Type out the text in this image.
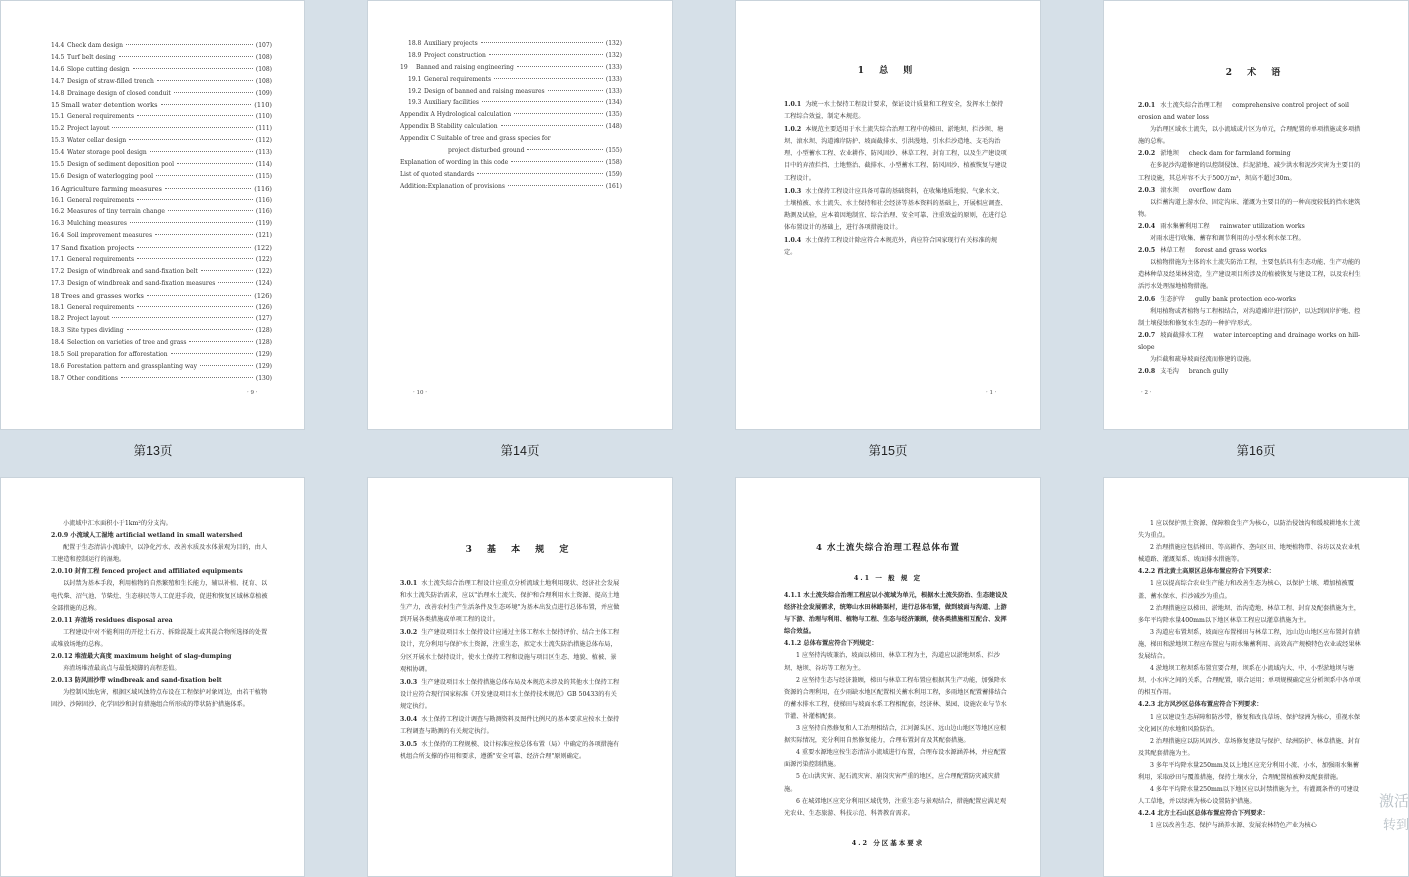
14.4 Check dam design	(107)
14.5 Turf belt desing	(108)
14.6 Slope cutting design	(108)
14.7 Design of straw-filled trench	(108)
14.8 Drainage design of closed conduit	(109)
15 Small water detention works	(110)
15.1 General requirements	(110)
15.2 Project layout	(111)
15.3 Water cellar design	(112)
15.4 Water storage pool design	(113)
15.5 Design of sediment deposition pool	(114)
15.6 Design of waterlogging pool	(115)
16 Agriculture farming measures	(116)
16.1 General requirements	(116)
16.2 Measures of tiny terrain change	(116)
16.3 Mulching measures	(119)
16.4 Soil improvement measures	(121)
17 Sand fixation projects	(122)
17.1 General requirements	(122)
17.2 Design of windbreak and sand-fixation belt	(122)
17.3 Design of windbreak and sand-fixation measures	(124)
18 Trees and grasses works	(126)
18.1 General requirements	(126)
18.2 Project layout	(127)
18.3 Site types dividing	(128)
18.4 Selection on varieties of tree and grass	(128)
18.5 Soil preparation for afforestation	(129)
18.6 Forestation pattern and grassplanting way	(129)
18.7 Other conditions	(130)
· 9 ·
第13页
18.8 Auxiliary projects	(132)
18.9 Project construction	(132)
19	Banned and raising engineering	(133)
19.1 General requirements	(133)
19.2 Design of banned and raising measures	(133)
19.3 Auxiliary facilities	(134)
Appendix A Hydrological calculation	(135)
Appendix B Stability calculation	(148)
Appendix C Suitable of tree and grass species for
project disturbed ground	(155)
Explanation of wording in this code	(158)
List of quoted standards	(159)
Addition:Explanation of provisions	(161)
· 10 ·
第14页
1 总 则

1.0.1 为统一水土保持工程设计要求，保证设计质量和工程安全，发挥水土保持工程综合效益，制定本规范。

1.0.2 本规范主要适用于水土流失综合治理工程中的梯田、淤地坝、拦沙坝、塘坝、滚水坝、沟道滩岸防护、坡面截排水、引洪漫地、引水拦沙造地、支毛沟治理、小型蓄水工程、农业耕作、防风固沙、林草工程、封育工程，以及生产建设项目中的弃渣拦挡、土地整治、截排水、小型蓄水工程、防风固沙、植被恢复与建设工程设计。

1.0.3 水土保持工程设计应具备可靠的基础资料，在收集地质地貌、气象水文、土壤植被、水土流失、水土保持和社会经济等基本资料的基础上，开展相应调查、勘测及试验，应本着因地制宜、综合治理、安全可靠、注重效益的原则，在进行总体布置设计的基础上，进行各项措施设计。

1.0.4 水土保持工程设计除应符合本规范外，尚应符合国家现行有关标准的规定。

· 1 ·
第15页
2 术 语
2.0.1 水土流失综合治理工程 comprehensive control project of soil erosion and water loss
为治理区域水土流失，以小流域或片区为单元，合理配置的单项措施或多项措施的总称。
2.0.2 淤地坝 check dam for farmland forming
在多泥沙沟道修建的以控制侵蚀、拦泥淤地、减少洪水和泥沙灾害为主要目的工程设施，其总库容不大于500万m³，坝高不超过30m。
2.0.3 滚水坝 overflow dam
以拦蓄沟道上游水位、固定沟床、灌溉为主要目的的一种高度较低的挡水建筑物。
2.0.4 雨水集蓄利用工程 rainwater utilization works
对雨水进行收集、蓄存和调节利用的小型水利水保工程。
2.0.5 林草工程 forest and grass works
以植物措施为主体的水土流失防治工程，主要包括具有生态功能、生产功能的造林种草及经果林营造，生产建设项目所涉及的植被恢复与建设工程，以及农村生活污水处理湿地植物措施。
2.0.6 生态护岸 gully bank protection eco-works
利用植物或者植物与工程相结合，对沟道滩岸进行防护，以达到固岸护地、控制土壤侵蚀和修复水生态的一种护岸形式。
2.0.7 坡面截排水工程 water intercepting and drainage works on hill-slope
为拦截和疏导坡面径流而修建的设施。
2.0.8 支毛沟 branch gully
· 2 ·
第16页
小流域中汇水面积小于1km²的分支沟。
2.0.9 小流域人工湿地 artificial wetland in small watershed
配置于生态清洁小流域中，以净化污水、改善水质及水体景观为目的，由人工建造和控制运行的湿地。
2.0.10 封育工程 fenced project and affiliated equipments
以封禁为基本手段，利用植物的自然繁殖和生长能力，辅以补植、抚育、以电代柴、沼气池、节柴灶、生态移民等人工促进手段，促进和恢复区域林草植被全部措施的总称。
2.0.11 弃渣场 residues disposal area
工程建设中对不能利用的开挖土石方、拆除混凝土或其混合物所选择的处置或堆放场地的总称。
2.0.12 堆渣最大高度 maximum height of slag-dumping
弃渣场堆渣最高点与最低坡脚的高程差值。
2.0.13 防风固沙带 windbreak and sand-fixation belt
为控制风蚀危害，根据区域风蚀特点布设在工程保护对象周边，由若干植物固沙、沙障固沙、化学固沙和封育措施组合所形成的带状防护措施体系。
3 基 本 规 定

3.0.1 水土流失综合治理工程设计应重点分析流域土地利用现状、经济社会发展和水土流失防治需求，应以"治理水土流失、保护和合理利用水土资源、提高土地生产力，改善农村生产生活条件及生态环境"为基本出发点进行总体布置，并应做到开展各类措施或单项工程的设计。

3.0.2 生产建设项目水土保持设计应通过主体工程水土保持评价、结合主体工程设计，充分利用与保护水土资源，注重生态，拟定水土流失防治措施总体布局，分区开展水土保持设计，使水土保持工程和设施与项目区生态、地貌、植被、景观相协调。

3.0.3 生产建设项目水土保持措施总体布局及本规范未涉及的其他水土保持工程设计应符合现行国家标准《开发建设项目水土保持技术规范》GB 50433的有关规定执行。

3.0.4 水土保持工程设计调查与勘测资料及图件比例尺的基本要求应按水土保持工程调查与勘测的有关规定执行。

3.0.5 水土保持的工程规模、设计标准应按总体布置（局）中确定的各项措施有机组合所支撑的作用和要求，遵循"安全可靠、经济合理"原则确定。

4 水土流失综合治理工程总体布置
4.1 一 般 规 定
4.1.1 水土流失综合治理工程应以小流域为单元，根据水土流失防治、生态建设及经济社会发展需求，统筹山水田林路渠村，进行总体布置，做到坡面与沟道、上游与下游、治理与利用、植物与工程、生态与经济兼顾，使各类措施相互配合、发挥综合效益。
4.1.2 总体布置应符合下列规定：
1 应坚持沟坡兼治，坡面以梯田、林草工程为主，沟道应以淤地坝系、拦沙坝、塘坝、谷坊等工程为主。
2 应坚持生态与经济兼顾，梯田与林草工程布置应根据其生产功能，加强降水资源的合理利用，在少雨缺水地区配置相关蓄水利用工程，多雨地区配置蓄排结合的蓄水排水工程，使梯田与坡面水系工程相配套，经济林、果园、设施农业与节水节灌、补灌相配套。
3 应坚持自然修复和人工治理相结合，江河源头区、远山边山地区等地区应根据实际情况，充分利用自然修复能力，合理布置封育及其配套措施。
4 重要水源地应按生态清洁小流域进行布置，合理布设水源涵养林，并应配置面源污染控制措施。
5 在山洪灾害、泥石流灾害、崩岗灾害严重的地区，应合理配置防灾减灾措施。
6 在城郊地区应充分利用区域优势，注重生态与景观结合，措施配置应满足观光农业、生态旅游、科技示范、科普教育需求。
4.2 分区基本要求
1 应以保护黑土资源、保障粮食生产为核心，以防治侵蚀沟和缓坡耕地水土流失为重点。
2 治理措施应包括梯田、等高耕作、垄向区田、地埂植物带、谷坊以及农业机械道路、灌溉渠系、坡面排水措施等。
4.2.2 西北黄土高原区总体布置应符合下列要求：
1 应以提高综合农业生产能力和改善生态为核心，以保护土壤、增加植被覆盖、蓄水保水、拦沙减沙为重点。
2 治理措施应以梯田、淤地坝、治沟造地、林草工程、封育及配套措施为主，多年平均降水量400mm以下地区林草工程应以灌草措施为主。
3 沟道应布置坝系，坡面应布置梯田与林草工程，远山边山地区应布置封育措施，梯田和淤地坝工程应布置应与雨水集蓄利用、高效高产规模特色农业或经果林发展结合。
4 淤地坝工程坝系布置宜要合理，坝系在小流域内大、中、小型淤地坝与塘坝、小水库之间的关系，合理配置，联合运用；单项规模确定应分析坝系中各单项的相互作用。
4.2.3 北方风沙区总体布置应符合下列要求：
1 应以建设生态屏障和防沙带，修复和改良草场、保护绿洲为核心，重视水保文化园区的水地和风险防治。
2 治理措施应以防风固沙、草场修复建设与保护、绿洲防护、林草措施、封育及其配套措施为主。
3 多年平均降水量250mm及以上地区应充分利用小流、小水，加强雨水集蓄利用，采取砂田与覆盖措施，保持土壤水分，合理配置植被种及配套措施。
4 多年平均降水量250mm以下地区应以封禁措施为主，有灌溉条件的可建设人工草地，并以绿洲为核心设置防护措施。
4.2.4 北方土石山区总体布置应符合下列要求：
1 应以改善生态、保护与涵养水源、发展农林特色产业为核心
激活
转到
